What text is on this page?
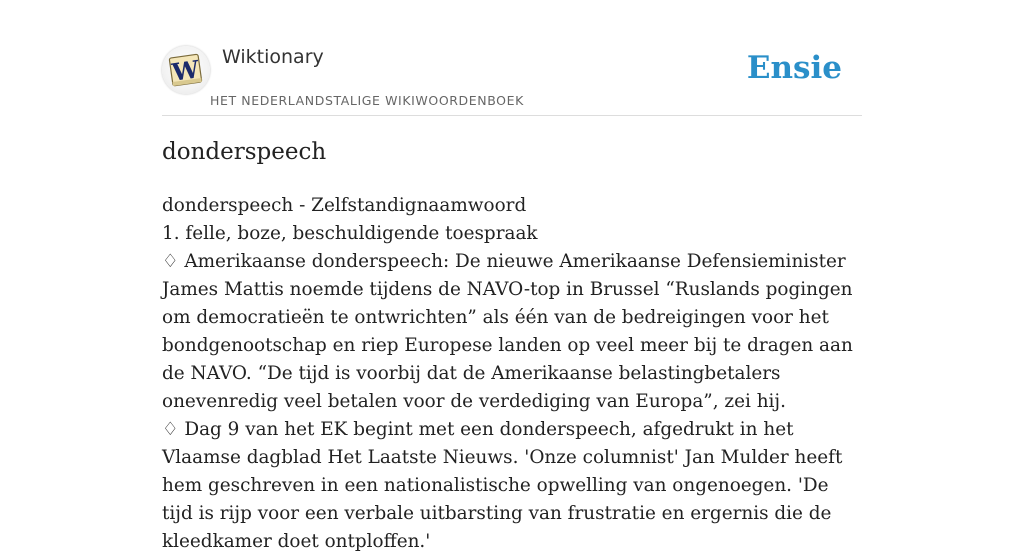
W Wiktionary
HET NEDERLANDSTALIGE WIKIWOORDENBOEK
Ensie
donderspeech

donderspeech - Zelfstandignaamwoord

1. felle, boze, beschuldigende toespraak

♢ Amerikaanse donderspeech: De nieuwe Amerikaanse Defensieminister James Mattis noemde tijdens de NAVO-top in Brussel “Ruslands pogingen om democratieën te ontwrichten” als één van de bedreigingen voor het bondgenootschap en riep Europese landen op veel meer bij te dragen aan de NAVO. “De tijd is voorbij dat de Amerikaanse belastingbetalers onevenredig veel betalen voor de verdediging van Europa”, zei hij.

♢ Dag 9 van het EK begint met een donderspeech, afgedrukt in het Vlaamse dagblad Het Laatste Nieuws. 'Onze columnist' Jan Mulder heeft hem geschreven in een nationalistische opwelling van ongenoegen. 'De tijd is rijp voor een verbale uitbarsting van frustratie en ergernis die de kleedkamer doet ontploffen.'
